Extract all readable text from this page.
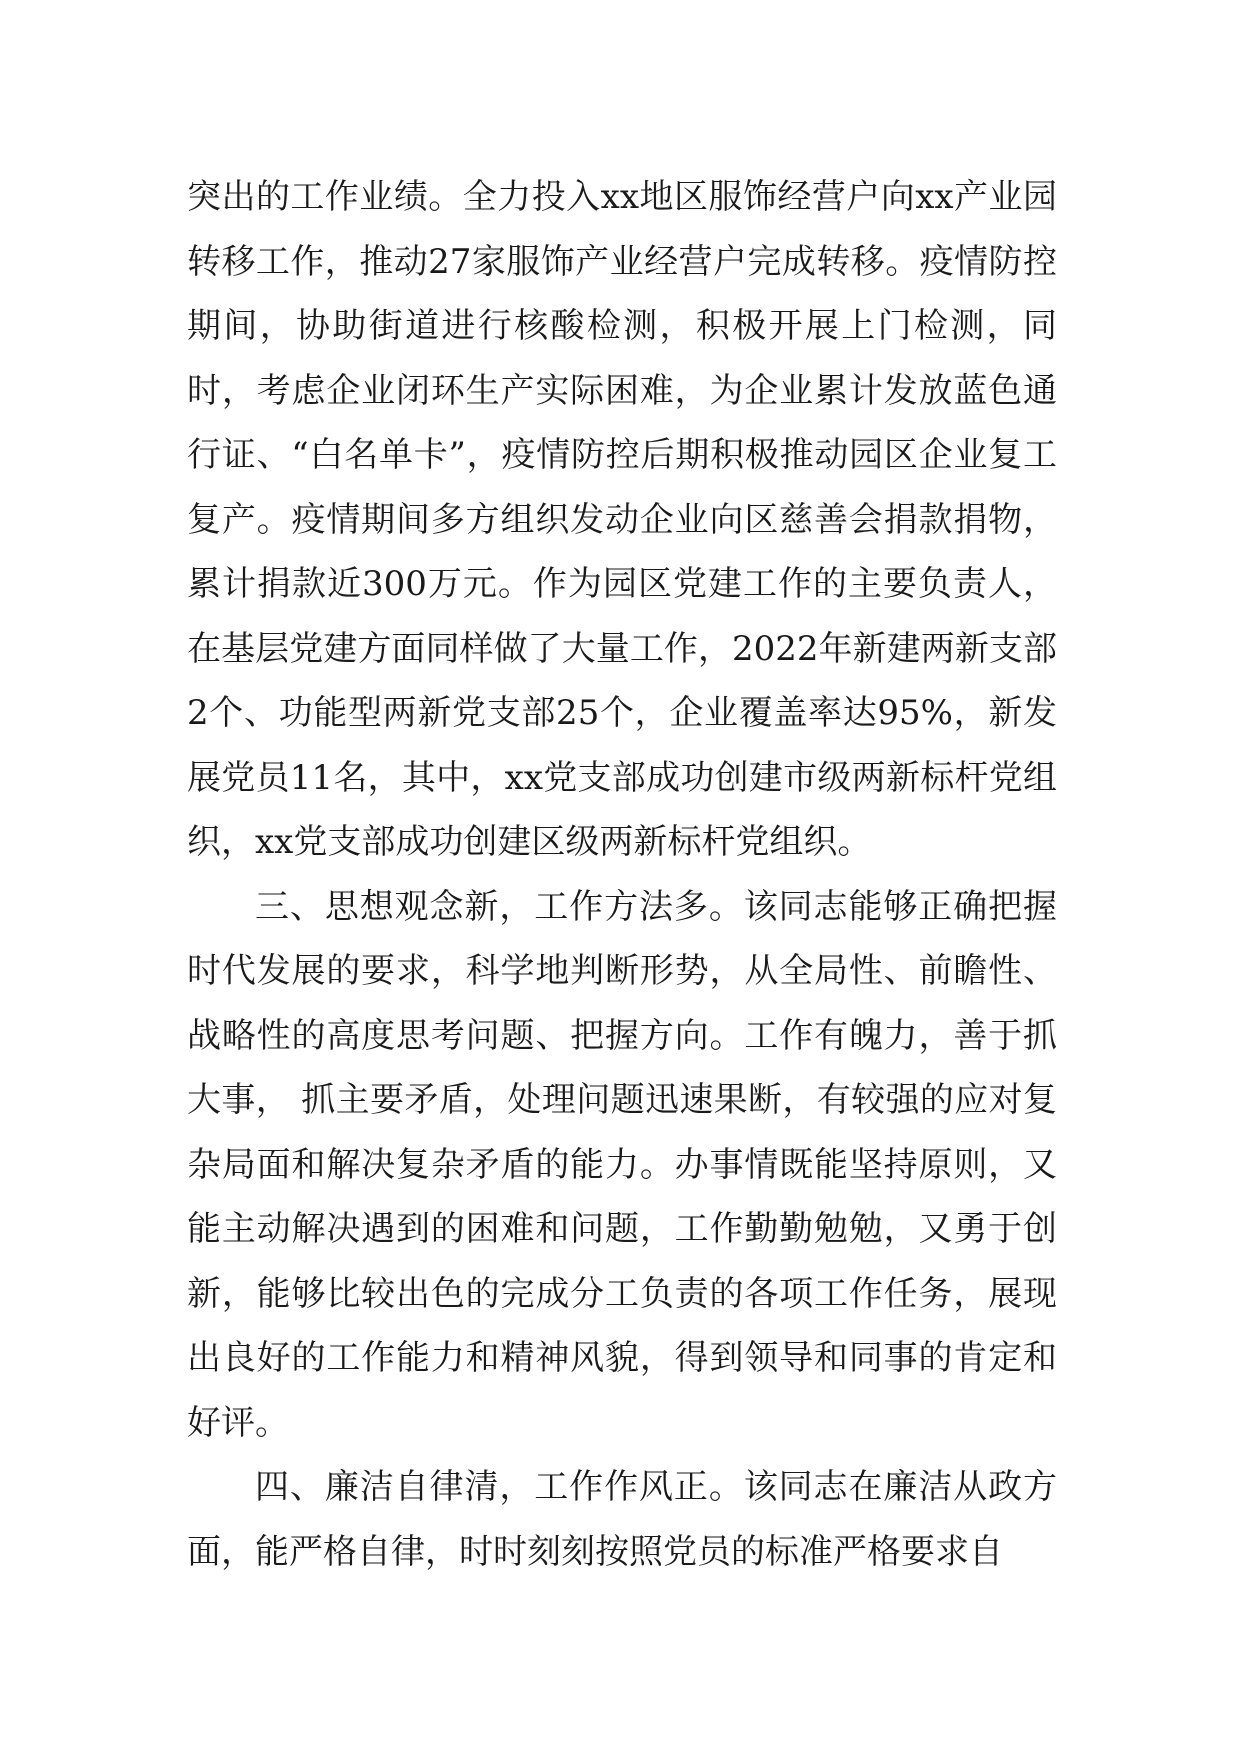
突出的工作业绩。全力投入xx地区服饰经营户向xx产业园转移工作，推动27家服饰产业经营户完成转移。疫情防控期间，协助街道进行核酸检测，积极开展上门检测，同时，考虑企业闭环生产实际困难，为企业累计发放蓝色通行证、“白名单卡”，疫情防控后期积极推动园区企业复工复产。疫情期间多方组织发动企业向区慈善会捐款捐物，累计捐款近300万元。作为园区党建工作的主要负责人，在基层党建方面同样做了大量工作，2022年新建两新支部2个、功能型两新党支部25个，企业覆盖率达95%，新发展党员11名，其中，xx党支部成功创建市级两新标杆党组织，xx党支部成功创建区级两新标杆党组织。

三、思想观念新，工作方法多。该同志能够正确把握时代发展的要求，科学地判断形势，从全局性、前瞻性、战略性的高度思考问题、把握方向。工作有魄力，善于抓大事， 抓主要矛盾，处理问题迅速果断，有较强的应对复杂局面和解决复杂矛盾的能力。办事情既能坚持原则，又能主动解决遇到的困难和问题，工作勤勤勉勉，又勇于创新，能够比较出色的完成分工负责的各项工作任务，展现出良好的工作能力和精神风貌，得到领导和同事的肯定和好评。

四、廉洁自律清，工作作风正。该同志在廉洁从政方面，能严格自律，时时刻刻按照党员的标准严格要求自
